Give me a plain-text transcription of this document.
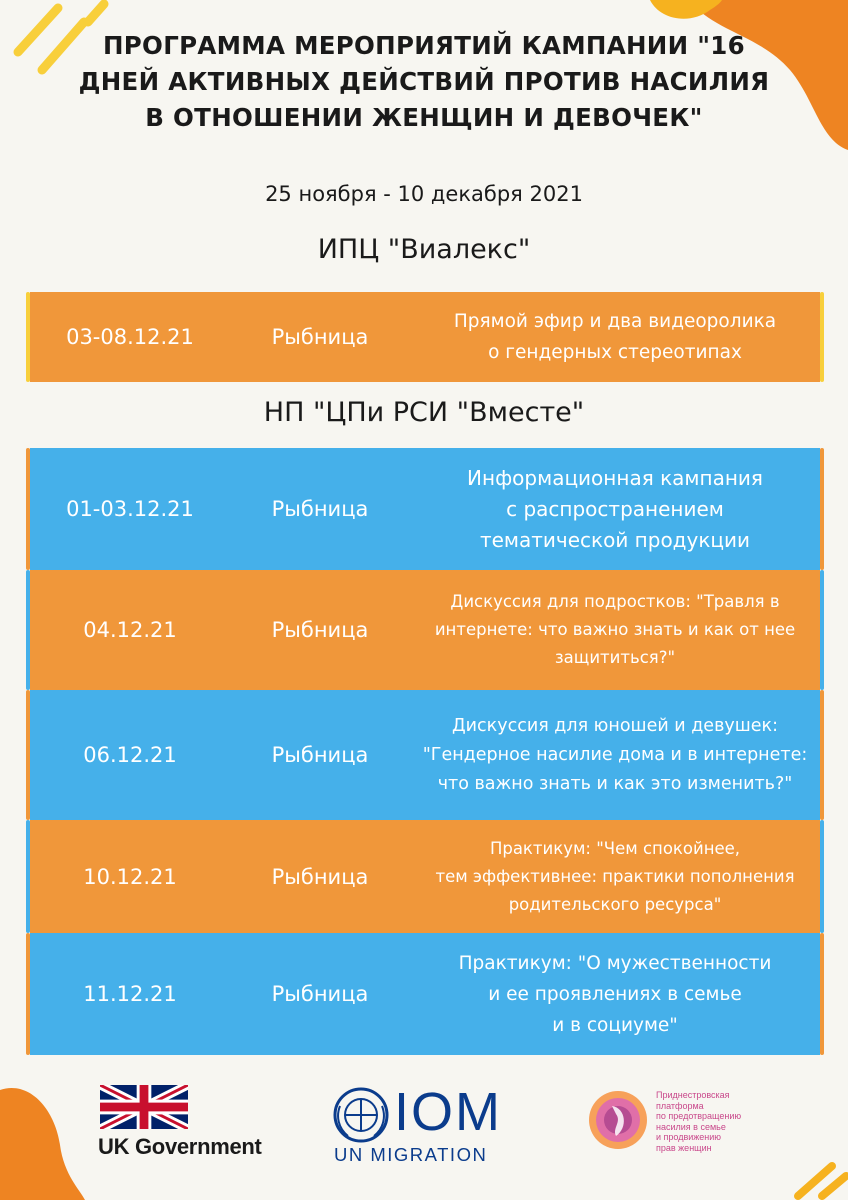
ПРОГРАММА МЕРОПРИЯТИЙ КАМПАНИИ "16 ДНЕЙ АКТИВНЫХ ДЕЙСТВИЙ ПРОТИВ НАСИЛИЯ В ОТНОШЕНИИ ЖЕНЩИН И ДЕВОЧЕК"
25 ноября - 10 декабря 2021
ИПЦ "Виалекс"
03-08.12.21	Рыбница
Прямой эфир и два видеоролика
о гендерных стереотипах
НП "ЦПи РСИ "Вместе"
01-03.12.21	Рыбница
Информационная кампания
с распространением
тематической продукции
04.12.21	Рыбница
Дискуссия для подростков: "Травля в
интернете: что важно знать и как от нее
защититься?"
06.12.21	Рыбница
Дискуссия для юношей и девушек:
"Гендерное насилие дома и в интернете:
что важно знать и как это изменить?"
10.12.21	Рыбница
Практикум: "Чем спокойнее,
тем эффективнее: практики пополнения
родительского ресурса"
11.12.21	Рыбница
Практикум: "О мужественности
и ее проявлениях в семье
и в социуме"
UK Government
IOM
UN MIGRATION
Приднестровская
платформа
по предотвращению
насилия в семье
и продвижению
прав женщин
